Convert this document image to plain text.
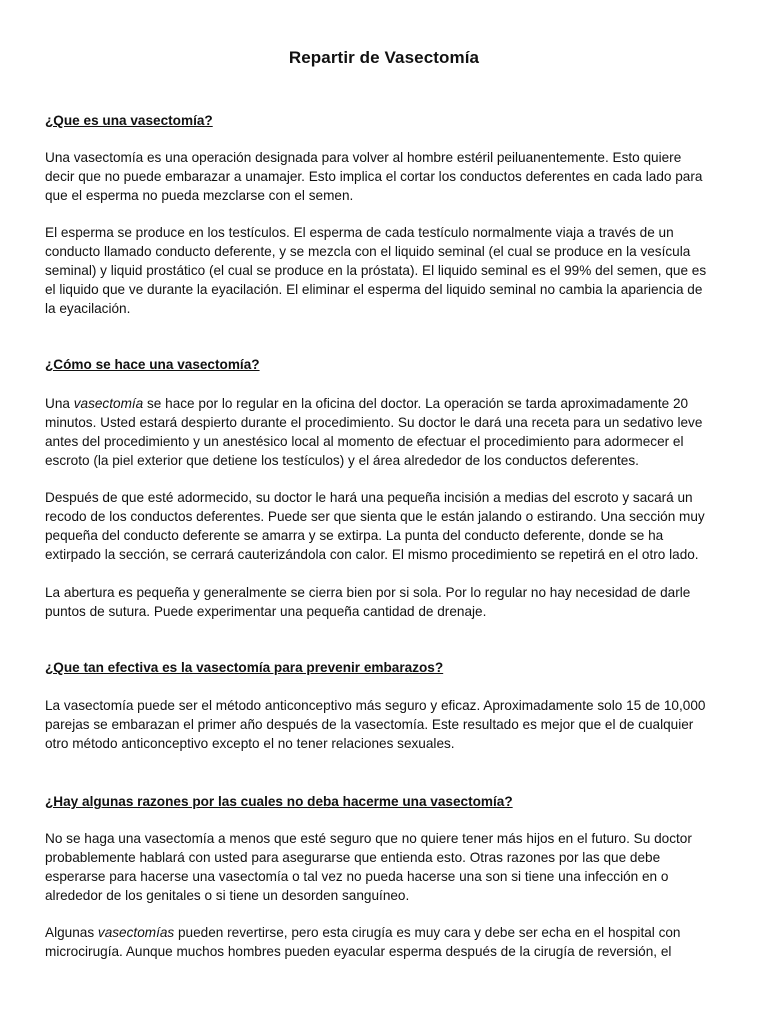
Repartir de Vasectomía
¿Que es una vasectomía?
Una vasectomía es una operación designada para volver al hombre estéril peiluanentemente. Esto quiere
decir que no puede embarazar a unamajer. Esto implica el cortar los conductos deferentes en cada lado para
que el esperma no pueda mezclarse con el semen.
El esperma se produce en los testículos. El esperma de cada testículo normalmente viaja a través de un
conducto llamado conducto deferente, y se mezcla con el liquido seminal (el cual se produce en la vesícula
seminal) y liquid prostático (el cual se produce en la próstata). El liquido seminal es el 99% del semen, que es
el liquido que ve durante la eyacilación. El eliminar el esperma del liquido seminal no cambia la apariencia de
la eyacilación.
¿Cómo se hace una vasectomía?
Una vasectomía se hace por lo regular en la oficina del doctor. La operación se tarda aproximadamente 20
minutos. Usted estará despierto durante el procedimiento. Su doctor le dará una receta para un sedativo leve
antes del procedimiento y un anestésico local al momento de efectuar el procedimiento para adormecer el
escroto (la piel exterior que detiene los testículos) y el área alrededor de los conductos deferentes.
Después de que esté adormecido, su doctor le hará una pequeña incisión a medias del escroto y sacará un
recodo de los conductos deferentes. Puede ser que sienta que le están jalando o estirando. Una sección muy
pequeña del conducto deferente se amarra y se extirpa. La punta del conducto deferente, donde se ha
extirpado la sección, se cerrará cauterizándola con calor. El mismo procedimiento se repetirá en el otro lado.
La abertura es pequeña y generalmente se cierra bien por si sola. Por lo regular no hay necesidad de darle
puntos de sutura. Puede experimentar una pequeña cantidad de drenaje.
¿Que tan efectiva es la vasectomía para prevenir embarazos?
La vasectomía puede ser el método anticonceptivo más seguro y eficaz. Aproximadamente solo 15 de 10,000
parejas se embarazan el primer año después de la vasectomía. Este resultado es mejor que el de cualquier
otro método anticonceptivo excepto el no tener relaciones sexuales.
¿Hay algunas razones por las cuales no deba hacerme una vasectomía?
No se haga una vasectomía a menos que esté seguro que no quiere tener más hijos en el futuro. Su doctor
probablemente hablará con usted para asegurarse que entienda esto. Otras razones por las que debe
esperarse para hacerse una vasectomía o tal vez no pueda hacerse una son si tiene una infección en o
alrededor de los genitales o si tiene un desorden sanguíneo.
Algunas vasectomías pueden revertirse, pero esta cirugía es muy cara y debe ser echa en el hospital con
microcirugía. Aunque muchos hombres pueden eyacular esperma después de la cirugía de reversión, el
